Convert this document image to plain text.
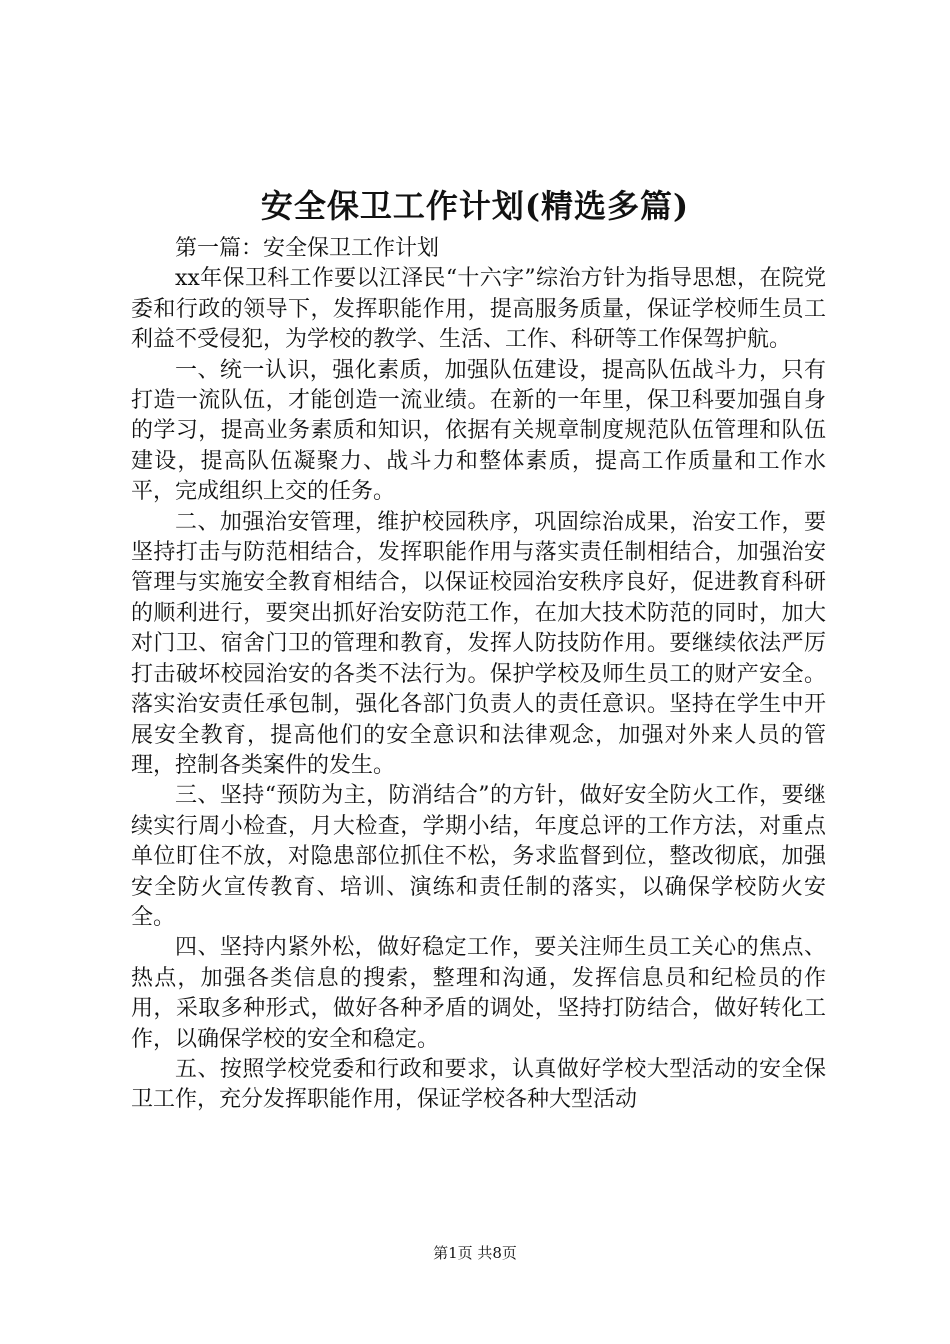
安全保卫工作计划(精选多篇)

第一篇：安全保卫工作计划

xx年保卫科工作要以江泽民“十六字”综治方针为指导思想，在院党委和行政的领导下，发挥职能作用，提高服务质量，保证学校师生员工利益不受侵犯，为学校的教学、生活、工作、科研等工作保驾护航。

一、统一认识，强化素质，加强队伍建设，提高队伍战斗力，只有打造一流队伍，才能创造一流业绩。在新的一年里，保卫科要加强自身的学习，提高业务素质和知识，依据有关规章制度规范队伍管理和队伍建设，提高队伍凝聚力、战斗力和整体素质，提高工作质量和工作水平，完成组织上交的任务。

二、加强治安管理，维护校园秩序，巩固综治成果，治安工作，要坚持打击与防范相结合，发挥职能作用与落实责任制相结合，加强治安管理与实施安全教育相结合，以保证校园治安秩序良好，促进教育科研的顺利进行，要突出抓好治安防范工作，在加大技术防范的同时，加大对门卫、宿舍门卫的管理和教育，发挥人防技防作用。要继续依法严厉打击破坏校园治安的各类不法行为。保护学校及师生员工的财产安全。落实治安责任承包制，强化各部门负责人的责任意识。坚持在学生中开展安全教育，提高他们的安全意识和法律观念，加强对外来人员的管理，控制各类案件的发生。

三、坚持“预防为主，防消结合”的方针，做好安全防火工作，要继续实行周小检查，月大检查，学期小结，年度总评的工作方法，对重点单位盯住不放，对隐患部位抓住不松，务求监督到位，整改彻底，加强安全防火宣传教育、培训、演练和责任制的落实，以确保学校防火安全。

四、坚持内紧外松，做好稳定工作，要关注师生员工关心的焦点、热点，加强各类信息的搜索，整理和沟通，发挥信息员和纪检员的作用，采取多种形式，做好各种矛盾的调处，坚持打防结合，做好转化工作，以确保学校的安全和稳定。

五、按照学校党委和行政和要求，认真做好学校大型活动的安全保卫工作，充分发挥职能作用，保证学校各种大型活动

第1页 共8页
